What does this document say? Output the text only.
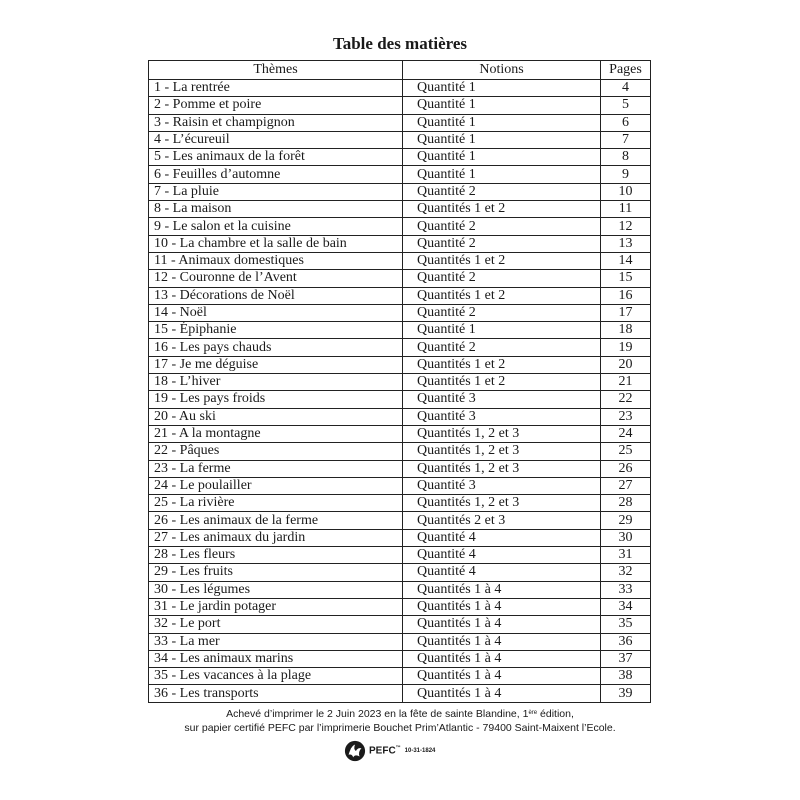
Table des matières
Thèmes	Notions	Pages
1 - La rentrée	Quantité 1	4
2 - Pomme et poire	Quantité 1	5
3 - Raisin et champignon	Quantité 1	6
4 - L’écureuil	Quantité 1	7
5 - Les animaux de la forêt	Quantité 1	8
6 - Feuilles d’automne	Quantité 1	9
7 - La pluie	Quantité 2	10
8 - La maison	Quantités 1 et 2	11
9 - Le salon et la cuisine	Quantité 2	12
10 - La chambre et la salle de bain	Quantité 2	13
11 - Animaux domestiques	Quantités 1 et 2	14
12 - Couronne de l’Avent	Quantité 2	15
13 - Décorations de Noël	Quantités 1 et 2	16
14 - Noël	Quantité 2	17
15 - Épiphanie	Quantité 1	18
16 - Les pays chauds	Quantité 2	19
17 - Je me déguise	Quantités 1 et 2	20
18 - L’hiver	Quantités 1 et 2	21
19 - Les pays froids	Quantité 3	22
20 - Au ski	Quantité 3	23
21 - A la montagne	Quantités 1, 2 et 3	24
22 - Pâques	Quantités 1, 2 et 3	25
23 - La ferme	Quantités 1, 2 et 3	26
24 - Le poulailler	Quantité 3	27
25 - La rivière	Quantités 1, 2 et 3	28
26 - Les animaux de la ferme	Quantités 2 et 3	29
27 - Les animaux du jardin	Quantité 4	30
28 - Les fleurs	Quantité 4	31
29 - Les fruits	Quantité 4	32
30 - Les légumes	Quantités 1 à 4	33
31 - Le jardin potager	Quantités 1 à 4	34
32 - Le port	Quantités 1 à 4	35
33 - La mer	Quantités 1 à 4	36
34 - Les animaux marins	Quantités 1 à 4	37
35 - Les vacances à la plage	Quantités 1 à 4	38
36 - Les transports	Quantités 1 à 4	39
Achevé d’imprimer le 2 Juin 2023 en la fête de sainte Blandine, 1ère édition,
sur papier certifié PEFC par l’imprimerie Bouchet Prim’Atlantic - 79400 Saint-Maixent l’Ecole.
PEFC™ 10-31-1824
